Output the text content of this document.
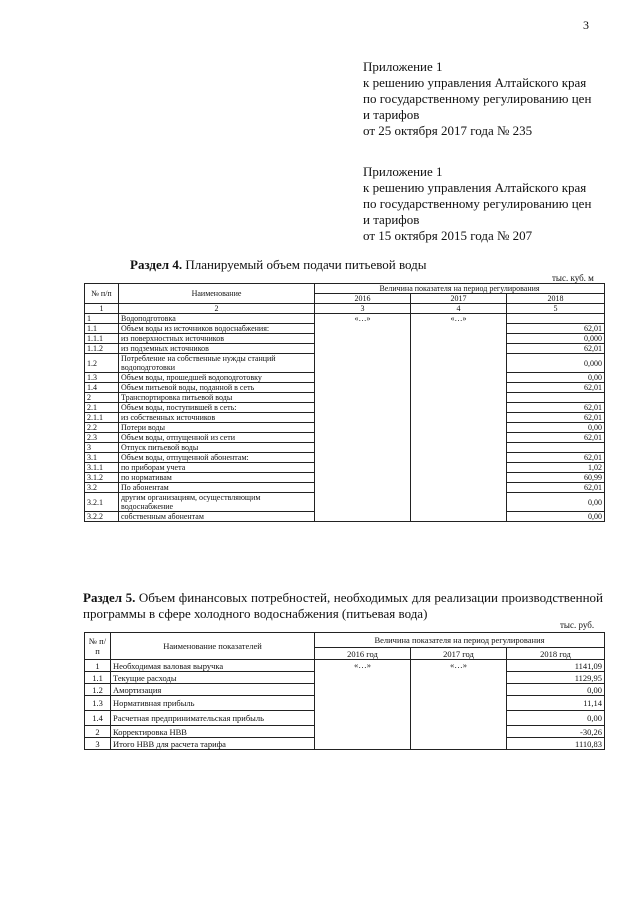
3
Приложение 1
к решению управления Алтайского края
по государственному регулированию цен
и тарифов
от 25 октября 2017 года № 235
Приложение 1
к решению управления Алтайского края
по государственному регулированию цен
и тарифов
от 15 октября 2015 года № 207
Раздел 4. Планируемый объем подачи питьевой воды
тыс. куб. м
№ п/п	Наименование	Величина показателя на период регулирования		
		2016	2017	2018
1	2	3	4	5
1	Водоподготовка	«…»	«…»	
1.1	Объем воды из источников водоснабжения:			62,01
1.1.1	из поверхностных источников			0,000
1.1.2	из подземных источников			62,01
1.2	Потребление на собственные нужды станций водоподготовки			0,000
1.3	Объем воды, прошедшей водоподготовку			0,00
1.4	Объем питьевой воды, поданной в сеть			62,01
2	Транспортировка питьевой воды			
2.1	Объем воды, поступившей в сеть:			62,01
2.1.1	из собственных источников			62,01
2.2	Потери воды			0,00
2.3	Объем воды, отпущенной из сети			62,01
3	Отпуск питьевой воды			
3.1	Объем воды, отпущенной абонентам:			62,01
3.1.1	по приборам учета			1,02
3.1.2	по нормативам			60,99
3.2	По абонентам			62,01
3.2.1	другим организациям, осуществляющим водоснабжение			0,00
3.2.2	собственным абонентам			0,00
Раздел 5. Объем финансовых потребностей, необходимых для реализации производственной программы в сфере холодного водоснабжения (питьевая вода)
тыс. руб.
№ п/п	Наименование показателей	Величина показателя на период регулирования		
		2016 год	2017 год	2018 год
1	Необходимая валовая выручка	«…»	«…»	1141,09
1.1	Текущие расходы			1129,95
1.2	Амортизация			0,00
1.3	Нормативная прибыль			11,14
1.4	Расчетная предпринимательская прибыль			0,00
2	Корректировка НВВ			-30,26
3	Итого НВВ для расчета тарифа			1110,83
